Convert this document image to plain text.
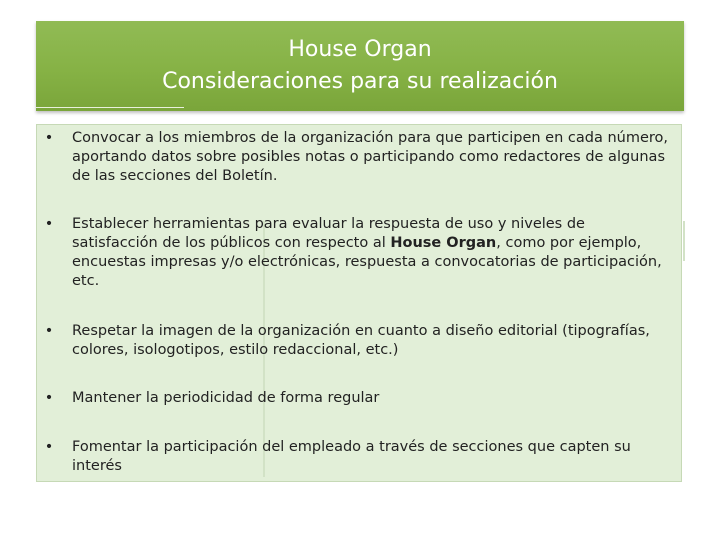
House Organ
Consideraciones para su realización
• Convocar a los miembros de la organización para que participen en cada número, aportando datos sobre posibles notas o participando como redactores de algunas de las secciones del Boletín.
• Establecer herramientas para evaluar la respuesta de uso y niveles de satisfacción de los públicos con respecto al House Organ, como por ejemplo, encuestas impresas y/o electrónicas, respuesta a convocatorias de participación, etc.
• Respetar la imagen de la organización en cuanto a diseño editorial (tipografías, colores, isologotipos, estilo redaccional, etc.)
• Mantener la periodicidad de forma regular
• Fomentar la participación del empleado a través de secciones que capten su interés
